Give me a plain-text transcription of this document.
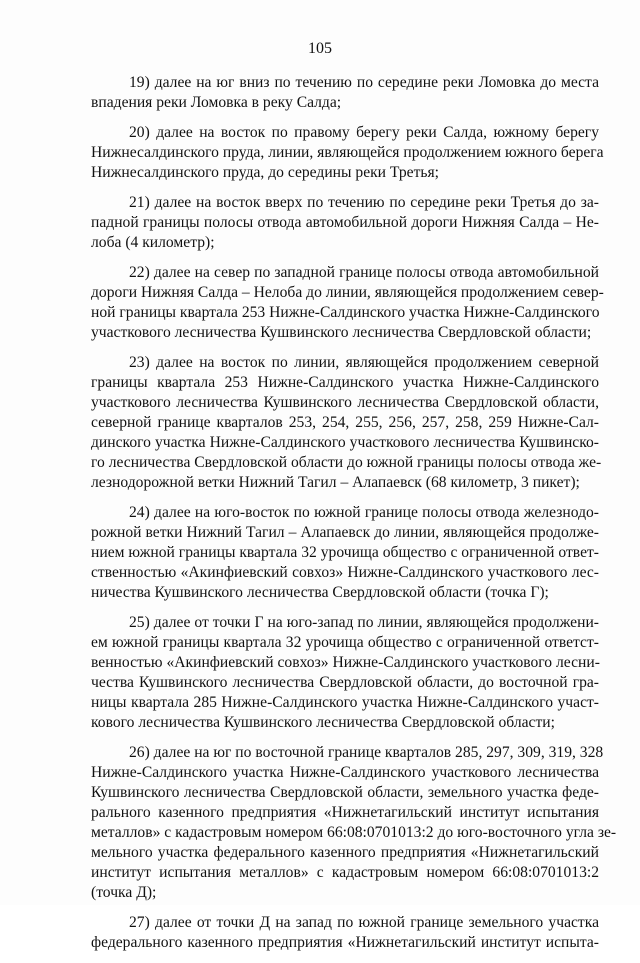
105
19) далее на юг вниз по течению по середине реки Ломовка до места
впадения реки Ломовка в реку Салда;
20) далее на восток по правому берегу реки Салда, южному берегу
Нижнесалдинского пруда, линии, являющейся продолжением южного берега
Нижнесалдинского пруда, до середины реки Третья;
21) далее на восток вверх по течению по середине реки Третья до за-
падной границы полосы отвода автомобильной дороги Нижняя Салда – Не-
лоба (4 километр);
22) далее на север по западной границе полосы отвода автомобильной
дороги Нижняя Салда – Нелоба до линии, являющейся продолжением север-
ной границы квартала 253 Нижне-Салдинского участка Нижне-Салдинского
участкового лесничества Кушвинского лесничества Свердловской области;
23) далее на восток по линии, являющейся продолжением северной
границы квартала 253 Нижне-Салдинского участка Нижне-Салдинского
участкового лесничества Кушвинского лесничества Свердловской области,
северной границе кварталов 253, 254, 255, 256, 257, 258, 259 Нижне-Сал-
динского участка Нижне-Салдинского участкового лесничества Кушвинско-
го лесничества Свердловской области до южной границы полосы отвода же-
лезнодорожной ветки Нижний Тагил – Алапаевск (68 километр, 3 пикет);
24) далее на юго-восток по южной границе полосы отвода железнодо-
рожной ветки Нижний Тагил – Алапаевск до линии, являющейся продолже-
нием южной границы квартала 32 урочища общество с ограниченной ответ-
ственностью «Акинфиевский совхоз» Нижне-Салдинского участкового лес-
ничества Кушвинского лесничества Свердловской области (точка Г);
25) далее от точки Г на юго-запад по линии, являющейся продолжени-
ем южной границы квартала 32 урочища общество с ограниченной ответст-
венностью «Акинфиевский совхоз» Нижне-Салдинского участкового лесни-
чества Кушвинского лесничества Свердловской области, до восточной гра-
ницы квартала 285 Нижне-Салдинского участка Нижне-Салдинского участ-
кового лесничества Кушвинского лесничества Свердловской области;
26) далее на юг по восточной границе кварталов 285, 297, 309, 319, 328
Нижне-Салдинского участка Нижне-Салдинского участкового лесничества
Кушвинского лесничества Свердловской области, земельного участка феде-
рального казенного предприятия «Нижнетагильский институт испытания
металлов» с кадастровым номером 66:08:0701013:2 до юго-восточного угла зе-
мельного участка федерального казенного предприятия «Нижнетагильский
институт испытания металлов» с кадастровым номером 66:08:0701013:2
(точка Д);
27) далее от точки Д на запад по южной границе земельного участка
федерального казенного предприятия «Нижнетагильский институт испыта-
